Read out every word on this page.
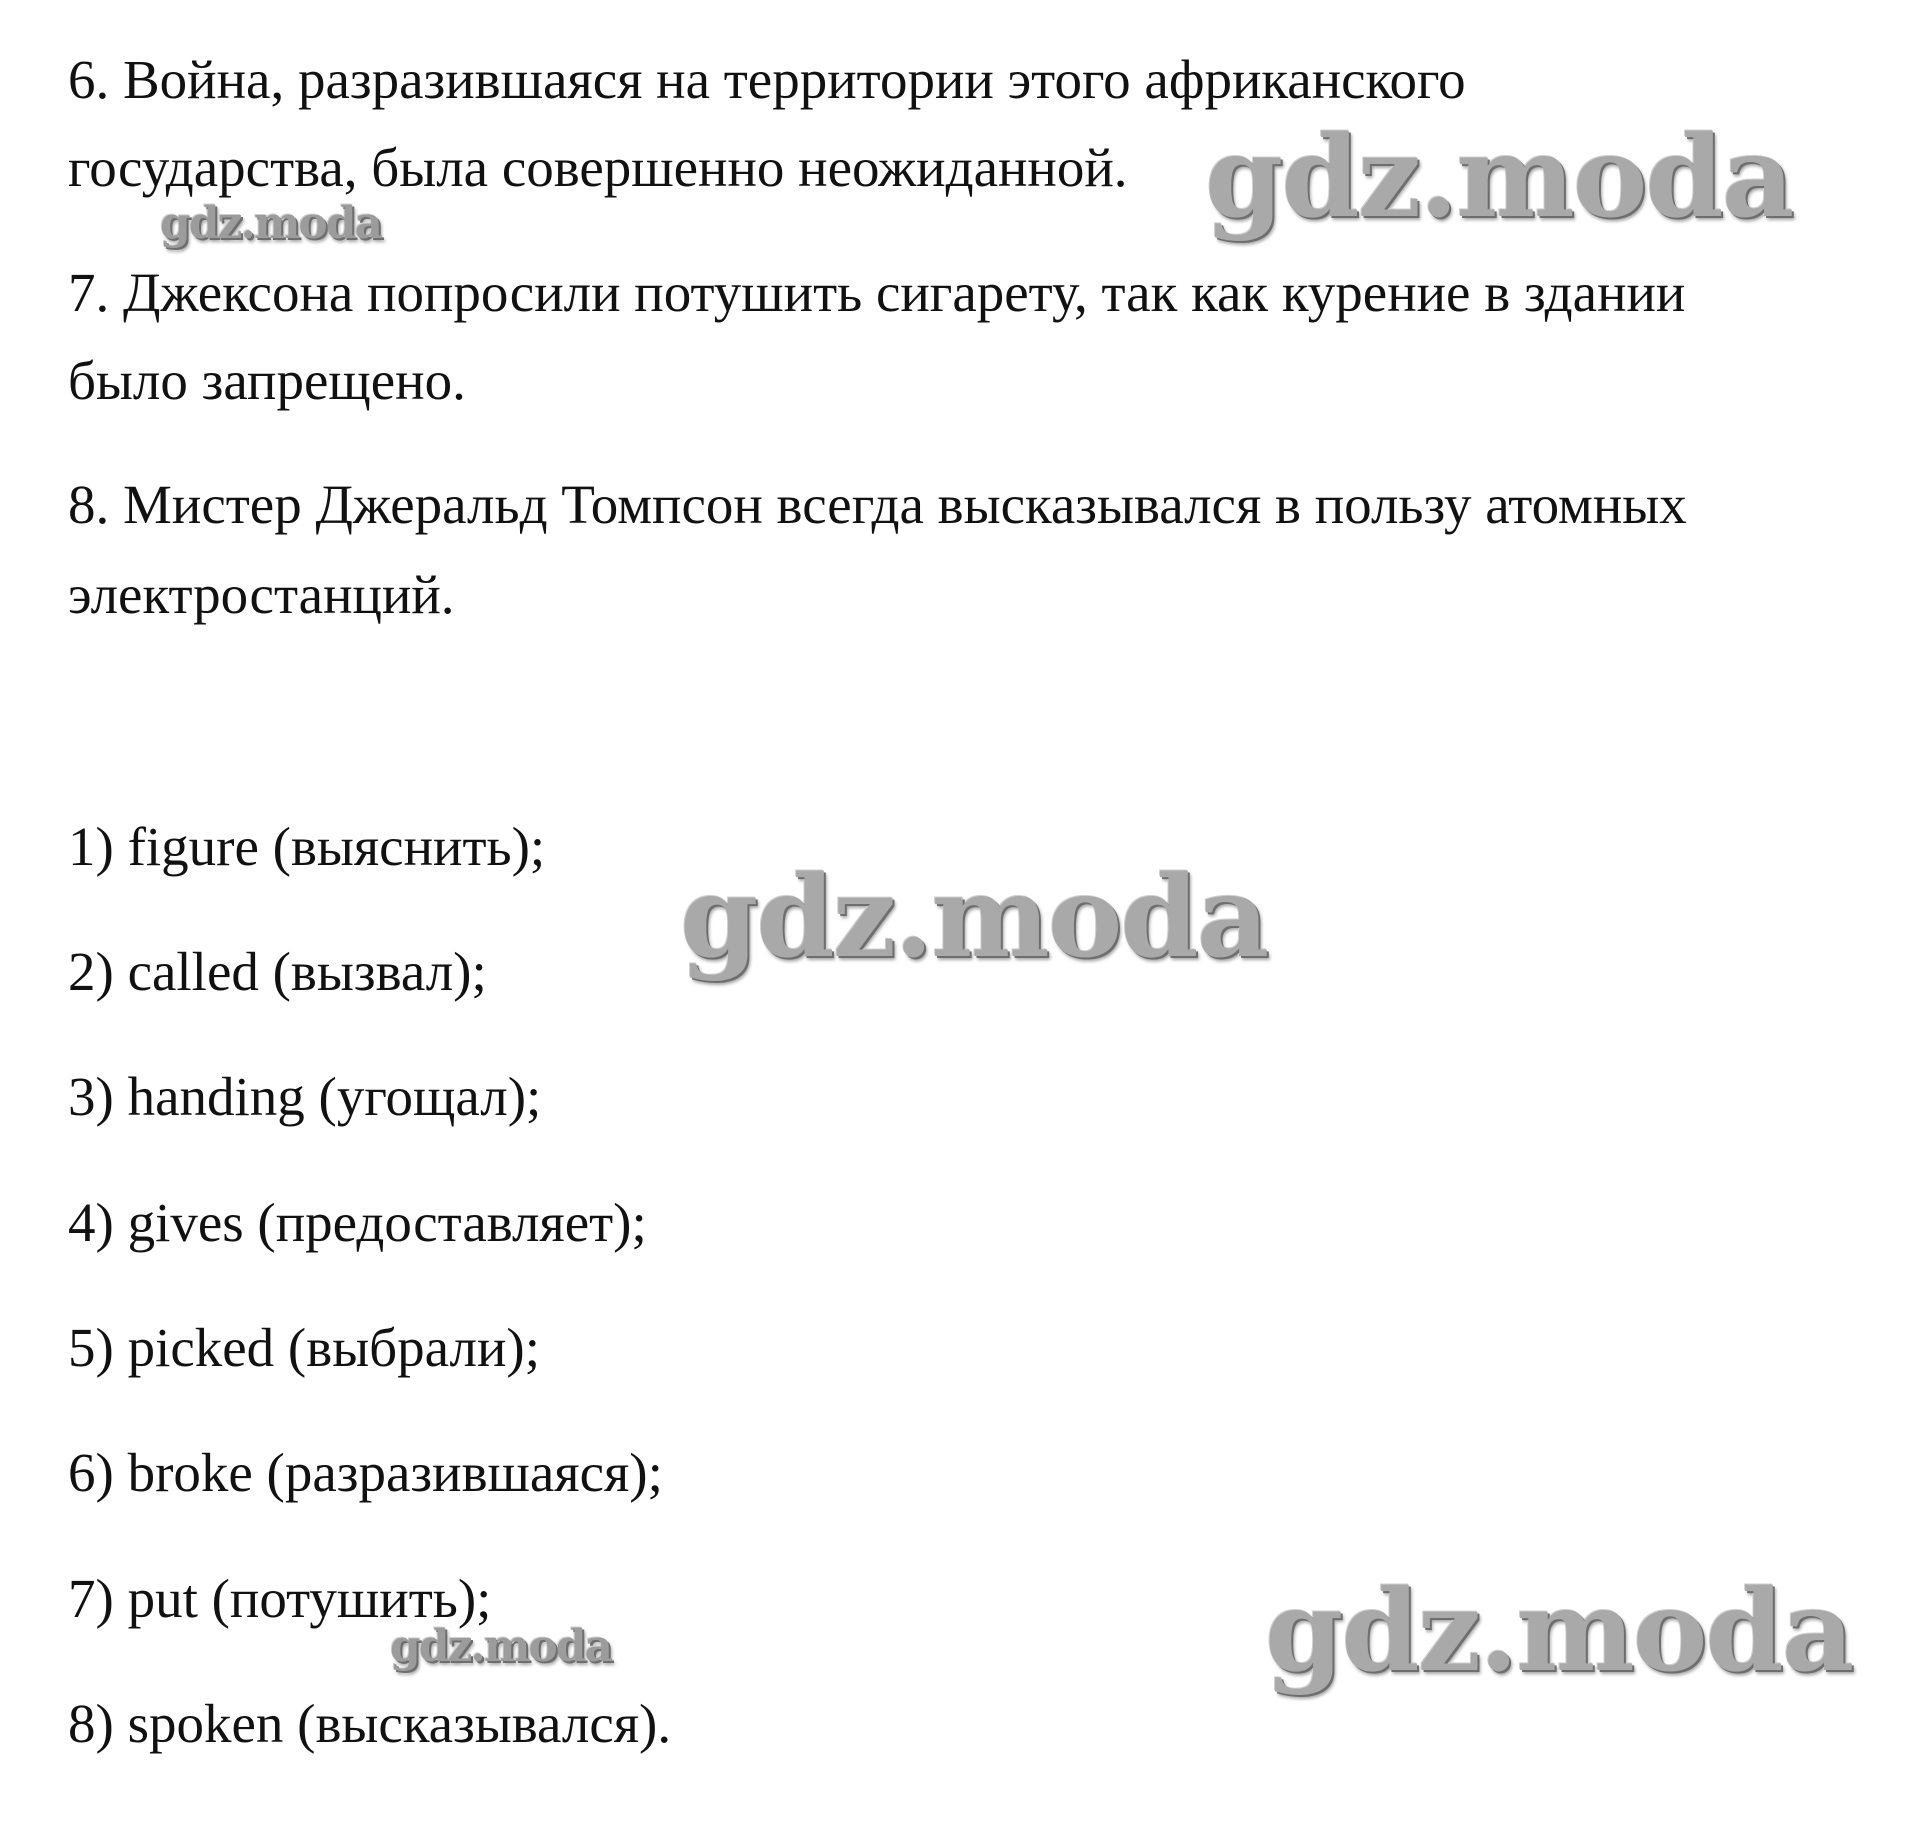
6. Война, разразившаяся на территории этого африканского
государства, была совершенно неожиданной.
7. Джексона попросили потушить сигарету, так как курение в здании
было запрещено.
8. Мистер Джеральд Томпсон всегда высказывался в пользу атомных
электростанций.
1) figure (выяснить);
2) called (вызвал);
3) handing (угощал);
4) gives (предоставляет);
5) picked (выбрали);
6) broke (разразившаяся);
7) put (потушить);
8) spoken (высказывался).
gdz.moda
gdz.moda
gdz.moda
gdz.moda
gdz.moda
